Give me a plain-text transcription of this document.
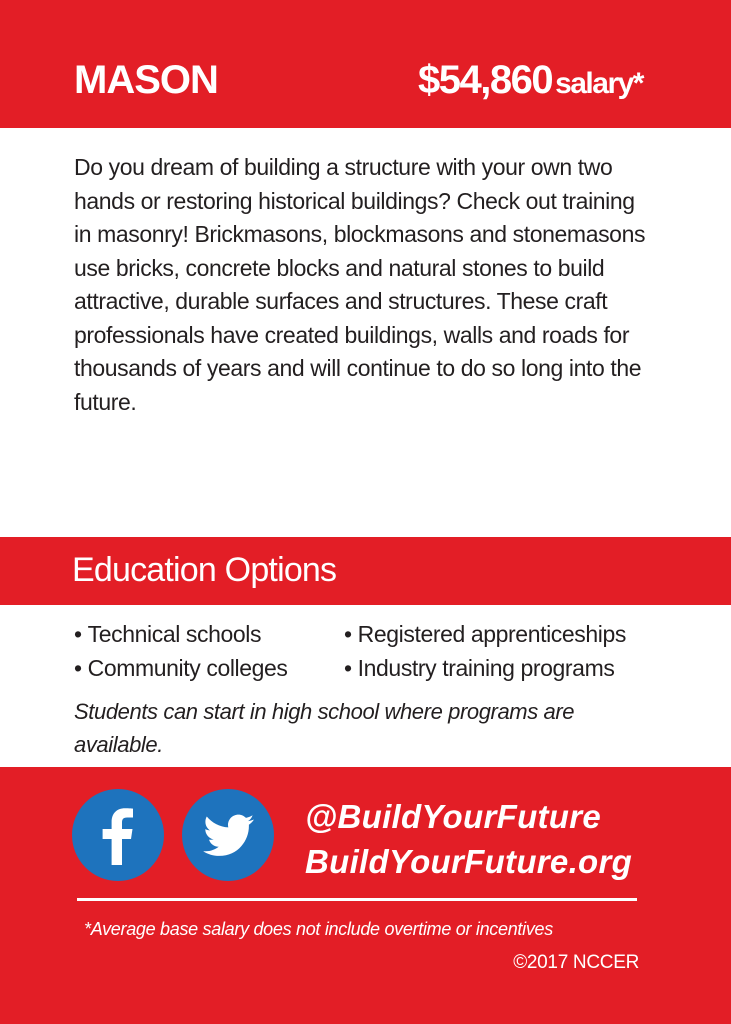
MASON	$54,860 salary*
Do you dream of building a structure with your own two hands or restoring historical buildings? Check out training in masonry! Brickmasons, blockmasons and stonemasons use bricks, concrete blocks and natural stones to build attractive, durable surfaces and structures. These craft professionals have created buildings, walls and roads for thousands of years and will continue to do so long into the future.
Education Options
• Technical schools	• Registered apprenticeships
• Community colleges	• Industry training programs
Students can start in high school where programs are available.
@BuildYourFuture
BuildYourFuture.org
*Average base salary does not include overtime or incentives
©2017 NCCER
